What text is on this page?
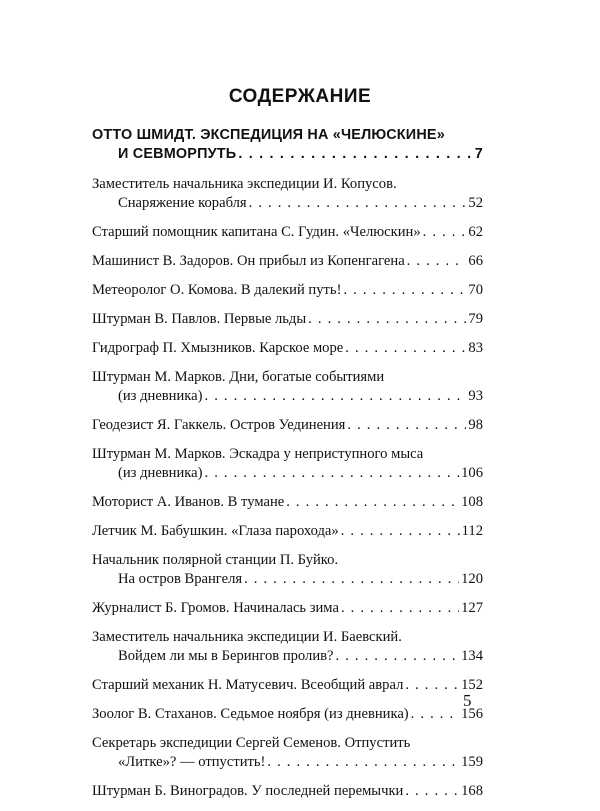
СОДЕРЖАНИЕ
ОТТО ШМИДТ. ЭКСПЕДИЦИЯ НА «ЧЕЛЮСКИНЕ»
И СЕВМОРПУТЬ . . .	7
Заместитель начальника экспедиции И. Копусов.
Снаряжение корабля . . .	52
Старший помощник капитана С. Гудин. «Челюскин» . . .	62
Машинист В. Задоров. Он прибыл из Копенгагена . . .	66
Метеоролог О. Комова. В далекий путь! . . .	70
Штурман В. Павлов. Первые льды . . .	79
Гидрограф П. Хмызников. Карское море . . .	83
Штурман М. Марков. Дни, богатые событиями
(из дневника) . . .	93
Геодезист Я. Гаккель. Остров Уединения . . .	98
Штурман М. Марков. Эскадра у неприступного мыса
(из дневника) . . .	106
Моторист А. Иванов. В тумане . . .	108
Летчик М. Бабушкин. «Глаза парохода» . . .	112
Начальник полярной станции П. Буйко.
На остров Врангеля . . .	120
Журналист Б. Громов. Начиналась зима . . .	127
Заместитель начальника экспедиции И. Баевский.
Войдем ли мы в Берингов пролив? . . .	134
Старший механик Н. Матусевич. Всеобщий аврал . . .	152
Зоолог В. Стаханов. Седьмое ноября (из дневника) . . .	156
Секретарь экспедиции Сергей Семенов. Отпустить
«Литке»? — отпустить! . . .	159
Штурман Б. Виноградов. У последней перемычки . . .	168
5
